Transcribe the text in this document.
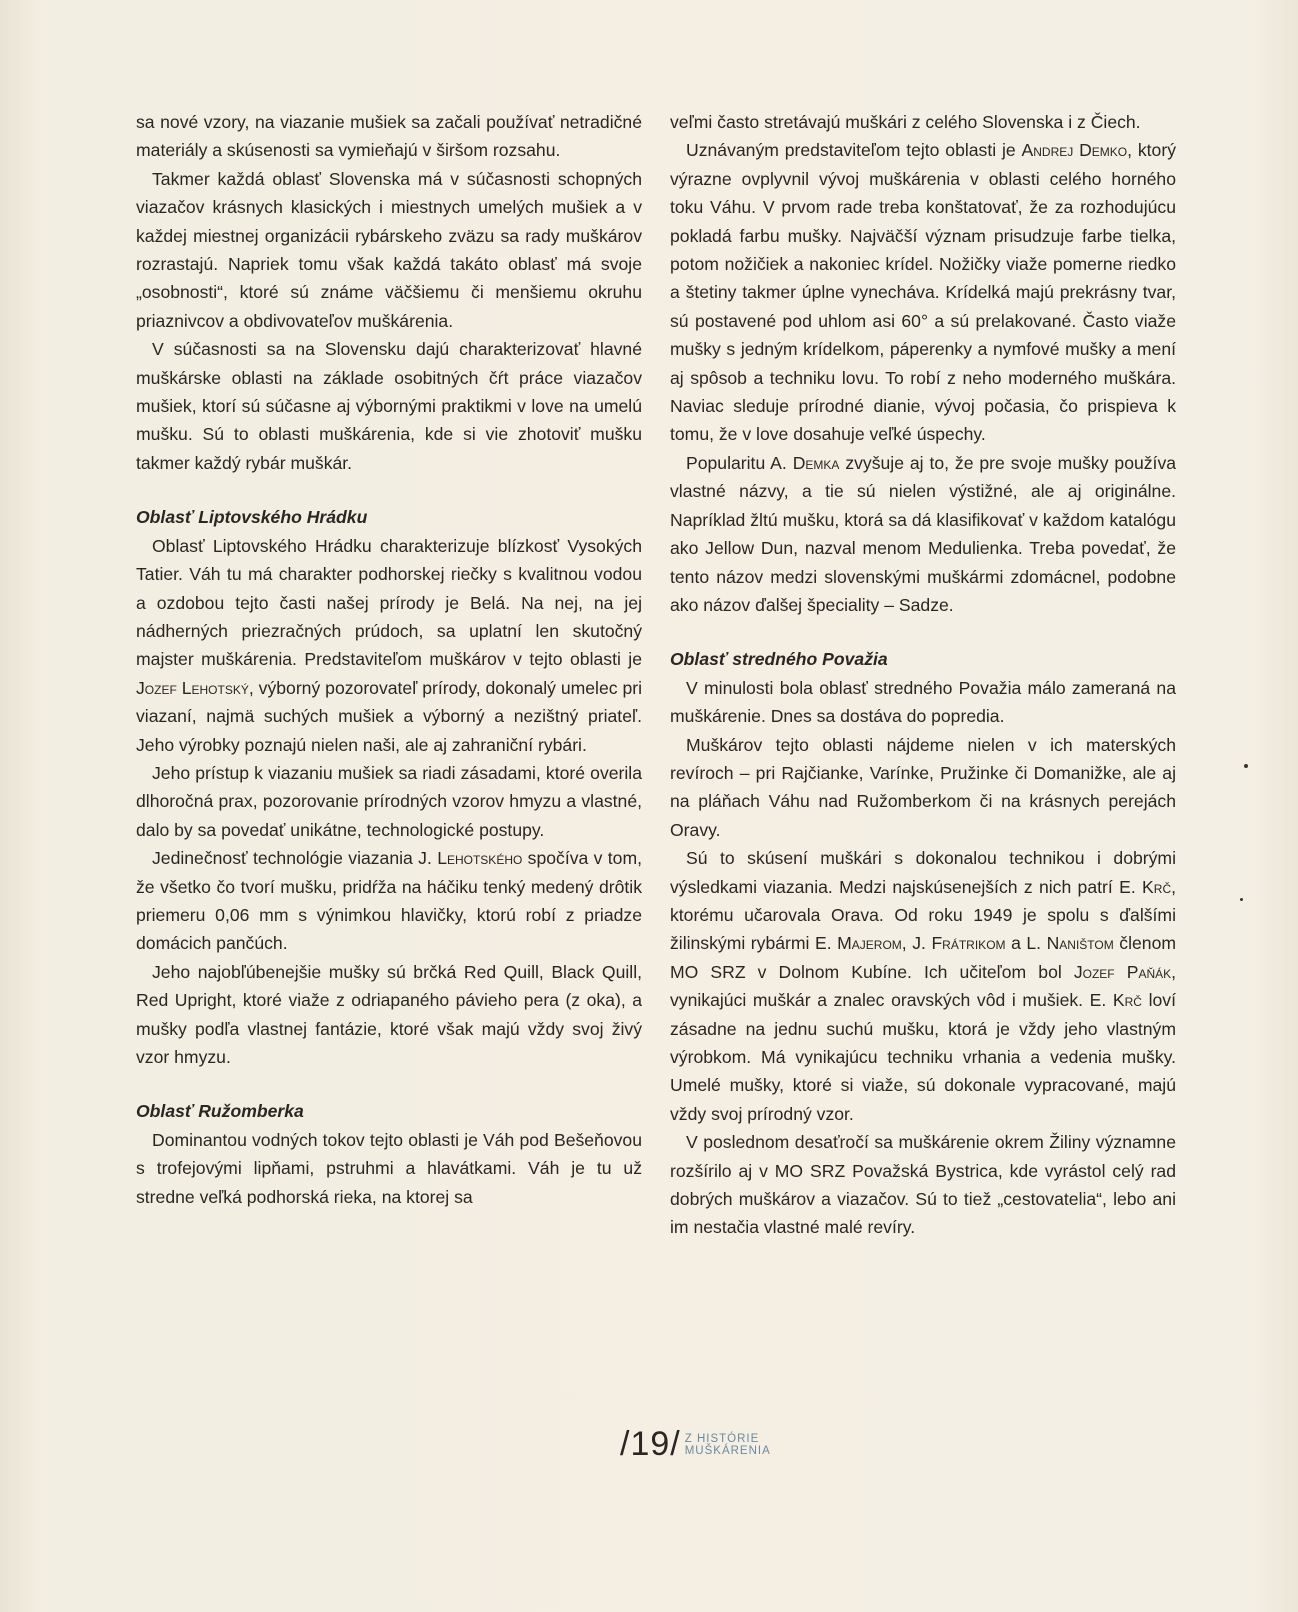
sa nové vzory, na viazanie mušiek sa začali používať netradičné materiály a skúsenosti sa vymieňajú v širšom rozsahu.

Takmer každá oblasť Slovenska má v súčasnosti schopných viazačov krásnych klasických i miestnych umelých mušiek a v každej miestnej organizácii rybárskeho zväzu sa rady muškárov rozrastajú. Napriek tomu však každá takáto oblasť má svoje „osobnosti“, ktoré sú známe väčšiemu či menšiemu okruhu priaznivcov a obdivovateľov muškárenia.

V súčasnosti sa na Slovensku dajú charakterizovať hlavné muškárske oblasti na základe osobitných čŕt práce viazačov mušiek, ktorí sú súčasne aj výbornými praktikmi v love na umelú mušku. Sú to oblasti muškárenia, kde si vie zhotoviť mušku takmer každý rybár muškár.

Oblasť Liptovského Hrádku

Oblasť Liptovského Hrádku charakterizuje blízkosť Vysokých Tatier. Váh tu má charakter podhorskej riečky s kvalitnou vodou a ozdobou tejto časti našej prírody je Belá. Na nej, na jej nádherných priezračných prúdoch, sa uplatní len skutočný majster muškárenia. Predstaviteľom muškárov v tejto oblasti je Jozef Lehotský, výborný pozorovateľ prírody, dokonalý umelec pri viazaní, najmä suchých mušiek a výborný a nezištný priateľ. Jeho výrobky poznajú nielen naši, ale aj zahraniční rybári.

Jeho prístup k viazaniu mušiek sa riadi zásadami, ktoré overila dlhoročná prax, pozorovanie prírodných vzorov hmyzu a vlastné, dalo by sa povedať unikátne, technologické postupy.

Jedinečnosť technológie viazania J. Lehotského spočíva v tom, že všetko čo tvorí mušku, pridŕža na háčiku tenký medený drôtik priemeru 0,06 mm s výnimkou hlavičky, ktorú robí z priadze domácich pančúch.

Jeho najobľúbenejšie mušky sú brčká Red Quill, Black Quill, Red Upright, ktoré viaže z odriapaného pávieho pera (z oka), a mušky podľa vlastnej fantázie, ktoré však majú vždy svoj živý vzor hmyzu.

Oblasť Ružomberka

Dominantou vodných tokov tejto oblasti je Váh pod Bešeňovou s trofejovými lipňami, pstruhmi a hlavátkami. Váh je tu už stredne veľká podhorská rieka, na ktorej sa

veľmi často stretávajú muškári z celého Slovenska i z Čiech.

Uznávaným predstaviteľom tejto oblasti je Andrej Demko, ktorý výrazne ovplyvnil vývoj muškárenia v oblasti celého horného toku Váhu. V prvom rade treba konštatovať, že za rozhodujúcu pokladá farbu mušky. Najväčší význam prisudzuje farbe tielka, potom nožičiek a nakoniec krídel. Nožičky viaže pomerne riedko a štetiny takmer úplne vynecháva. Krídelká majú prekrásny tvar, sú postavené pod uhlom asi 60° a sú prelakované. Často viaže mušky s jedným krídelkom, páperenky a nymfové mušky a mení aj spôsob a techniku lovu. To robí z neho moderného muškára. Naviac sleduje prírodné dianie, vývoj počasia, čo prispieva k tomu, že v love dosahuje veľké úspechy.

Popularitu A. Demka zvyšuje aj to, že pre svoje mušky používa vlastné názvy, a tie sú nielen výstižné, ale aj originálne. Napríklad žltú mušku, ktorá sa dá klasifikovať v každom katalógu ako Jellow Dun, nazval menom Medulienka. Treba povedať, že tento názov medzi slovenskými muškármi zdomácnel, podobne ako názov ďalšej špeciality – Sadze.

Oblasť stredného Považia

V minulosti bola oblasť stredného Považia málo zameraná na muškárenie. Dnes sa dostáva do popredia.

Muškárov tejto oblasti nájdeme nielen v ich materských revíroch – pri Rajčianke, Varínke, Pružinke či Domanižke, ale aj na pláňach Váhu nad Ružomberkom či na krásnych perejách Oravy.

Sú to skúsení muškári s dokonalou technikou i dobrými výsledkami viazania. Medzi najskúsenejších z nich patrí E. Krč, ktorému učarovala Orava. Od roku 1949 je spolu s ďalšími žilinskými rybármi E. Majerom, J. Frátrikom a L. Naništom členom MO SRZ v Dolnom Kubíne. Ich učiteľom bol Jozef Paňák, vynikajúci muškár a znalec oravských vôd i mušiek. E. Krč loví zásadne na jednu suchú mušku, ktorá je vždy jeho vlastným výrobkom. Má vynikajúcu techniku vrhania a vedenia mušky. Umelé mušky, ktoré si viaže, sú dokonale vypracované, majú vždy svoj prírodný vzor.

V poslednom desaťročí sa muškárenie okrem Žiliny významne rozšírilo aj v MO SRZ Považská Bystrica, kde vyrástol celý rad dobrých muškárov a viazačov. Sú to tiež „cestovatelia“, lebo ani im nestačia vlastné malé revíry.

/19/ Z HISTÓRIE
MUŠKÁRENIA
